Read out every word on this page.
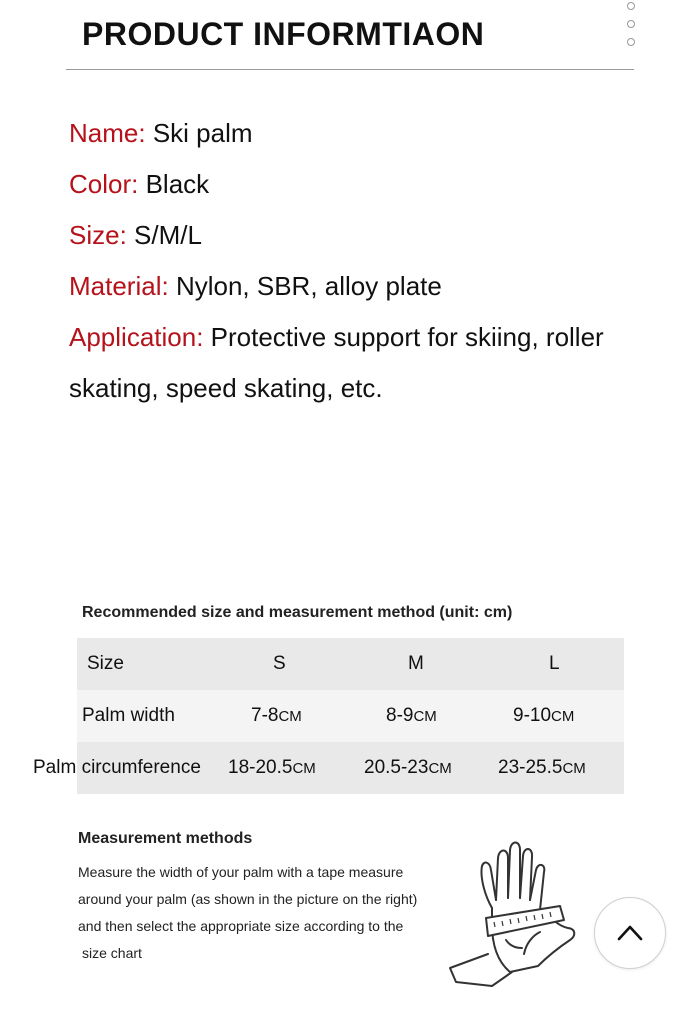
PRODUCT INFORMTIAON
Name: Ski palm
Color: Black
Size: S/M/L
Material: Nylon, SBR, alloy plate
Application: Protective support for skiing, roller
skating, speed skating, etc.
Recommended size and measurement method (unit: cm)
Size	S	M	L
Palm width	7-8CM	8-9CM	9-10CM
Palm circumference 18-20.5CM	20.5-23CM 23-25.5CM
Measurement methods
Measure the width of your palm with a tape measure
around your palm (as shown in the picture on the right)
and then select the appropriate size according to the
size chart
